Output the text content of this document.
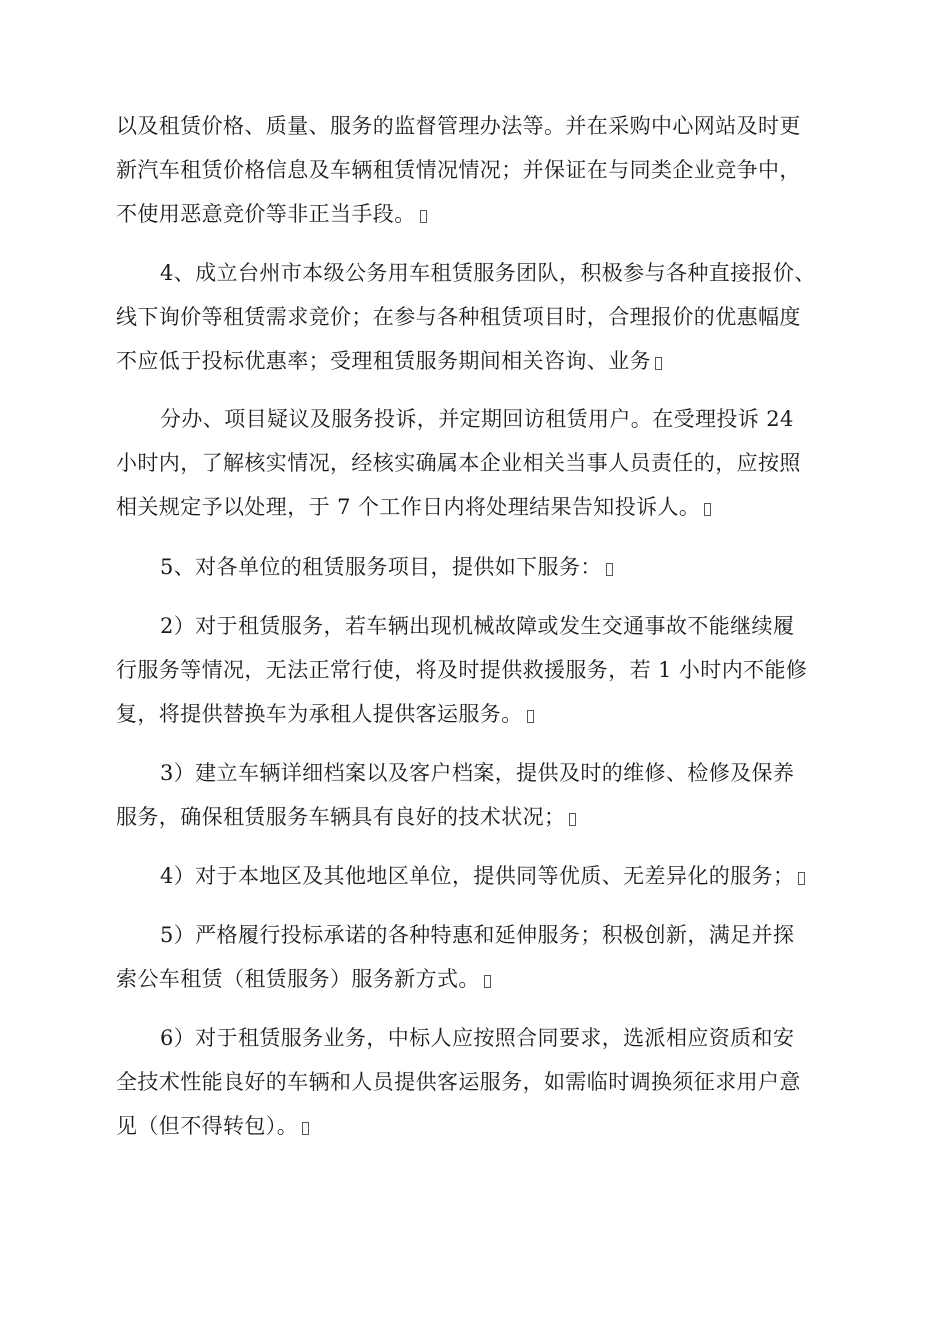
以及租赁价格、质量、服务的监督管理办法等。并在采购中心网站及时更
新汽车租赁价格信息及车辆租赁情况情况；并保证在与同类企业竞争中，
不使用恶意竞价等非正当手段。
4、成立台州市本级公务用车租赁服务团队，积极参与各种直接报价、
线下询价等租赁需求竞价；在参与各种租赁项目时，合理报价的优惠幅度
不应低于投标优惠率；受理租赁服务期间相关咨询、业务
分办、项目疑议及服务投诉，并定期回访租赁用户。在受理投诉 24
小时内，了解核实情况，经核实确属本企业相关当事人员责任的，应按照
相关规定予以处理，于 7 个工作日内将处理结果告知投诉人。
5、对各单位的租赁服务项目，提供如下服务：
2）对于租赁服务，若车辆出现机械故障或发生交通事故不能继续履
行服务等情况，无法正常行使，将及时提供救援服务，若 1 小时内不能修
复，将提供替换车为承租人提供客运服务。
3）建立车辆详细档案以及客户档案，提供及时的维修、检修及保养
服务，确保租赁服务车辆具有良好的技术状况；
4）对于本地区及其他地区单位，提供同等优质、无差异化的服务；
5）严格履行投标承诺的各种特惠和延伸服务；积极创新，满足并探
索公车租赁（租赁服务）服务新方式。
6）对于租赁服务业务，中标人应按照合同要求，选派相应资质和安
全技术性能良好的车辆和人员提供客运服务，如需临时调换须征求用户意
见（但不得转包）。
